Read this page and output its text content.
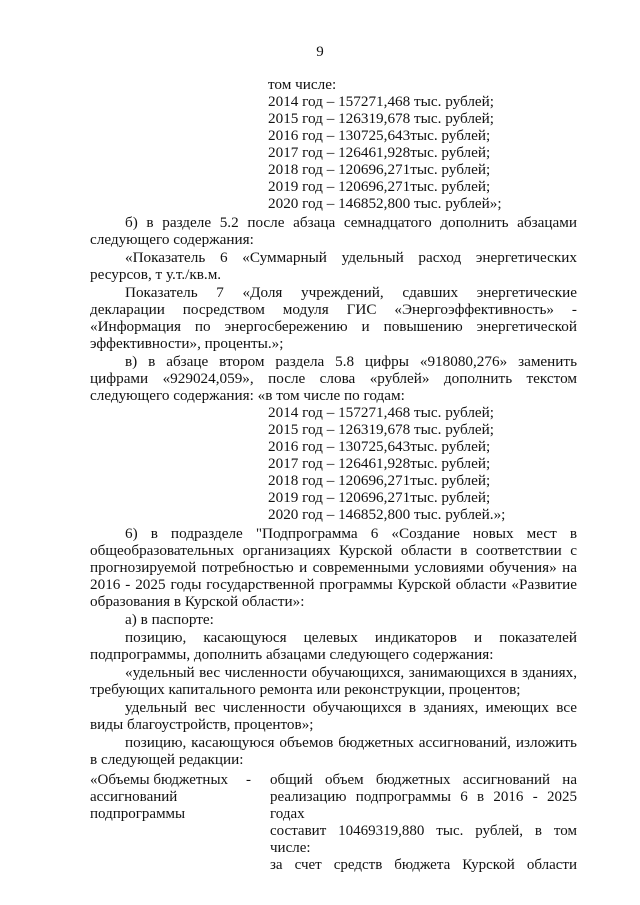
9
том числе:
2014 год – 157271,468 тыс. рублей;
2015 год – 126319,678 тыс. рублей;
2016 год – 130725,643тыс. рублей;
2017 год – 126461,928тыс. рублей;
2018 год – 120696,271тыс. рублей;
2019 год – 120696,271тыс. рублей;
2020 год – 146852,800 тыс. рублей»;
б) в разделе 5.2 после абзаца семнадцатого дополнить абзацами
следующего содержания:
«Показатель 6 «Суммарный удельный расход энергетических
ресурсов, т у.т./кв.м.
Показатель 7 «Доля учреждений, сдавших энергетические
декларации посредством модуля ГИС «Энергоэффективность» -
«Информация по энергосбережению и повышению энергетической
эффективности», проценты.»;
в) в абзаце втором раздела 5.8 цифры «918080,276» заменить
цифрами «929024,059», после слова «рублей» дополнить текстом
следующего содержания: «в том числе по годам:
2014 год – 157271,468 тыс. рублей;
2015 год – 126319,678 тыс. рублей;
2016 год – 130725,643тыс. рублей;
2017 год – 126461,928тыс. рублей;
2018 год – 120696,271тыс. рублей;
2019 год – 120696,271тыс. рублей;
2020 год – 146852,800 тыс. рублей.»;
6) в подразделе "Подпрограмма 6 «Создание новых мест в
общеобразовательных организациях Курской области в соответствии с
прогнозируемой потребностью и современными условиями обучения» на
2016 - 2025 годы государственной программы Курской области «Развитие
образования в Курской области»:
а) в паспорте:
позицию, касающуюся целевых индикаторов и показателей
подпрограммы, дополнить абзацами следующего содержания:
«удельный вес численности обучающихся, занимающихся в зданиях,
требующих капитального ремонта или реконструкции, процентов;
удельный вес численности обучающихся в зданиях, имеющих все
виды благоустройств, процентов»;
позицию, касающуюся объемов бюджетных ассигнований, изложить
в следующей редакции:
«Объемы бюджетных
ассигнований
подпрограммы
- общий объем бюджетных ассигнований на
реализацию подпрограммы 6 в 2016 - 2025 годах
составит 10469319,880 тыс. рублей, в том числе:
за счет средств бюджета Курской области
